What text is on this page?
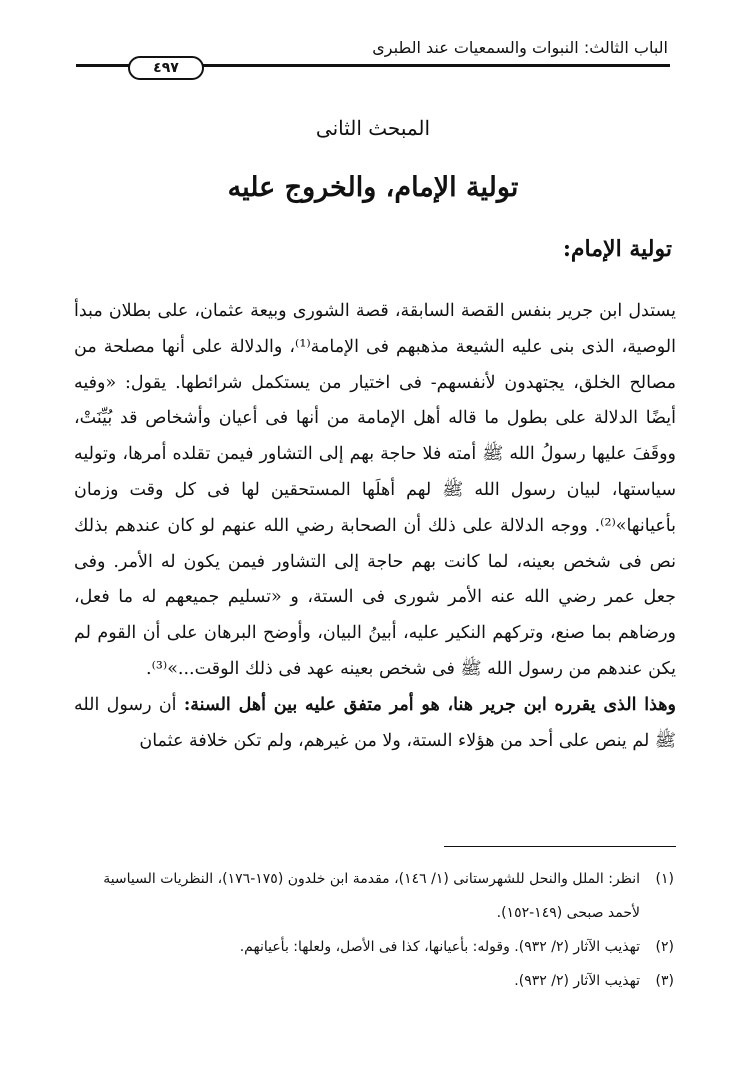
الباب الثالث: النبوات والسمعيات عند الطبرى
٤٩٧
المبحث الثانى
تولية الإمام، والخروج عليه
تولية الإمام:

يستدل ابن جرير بنفس القصة السابقة، قصة الشورى وبيعة عثمان، على بطلان مبدأ الوصية، الذى بنى عليه الشيعة مذهبهم فى الإمامة⁽¹⁾، والدلالة على أنها مصلحة من مصالح الخلق، يجتهدون لأنفسهم- فى اختيار من يستكمل شرائطها. يقول: «وفيه أيضًا الدلالة على بطول ما قاله أهل الإمامة من أنها فى أعيان وأشخاص قد بُيِّنَتْ، ووقَفَ عليها رسولُ الله ﷺ أمته فلا حاجة بهم إلى التشاور فيمن تقلده أمرها، وتوليه سياستها، لبيان رسول الله ﷺ لهم أهلَها المستحقين لها فى كل وقت وزمان بأعيانها»⁽²⁾. ووجه الدلالة على ذلك أن الصحابة رضي الله عنهم لو كان عندهم بذلك نص فى شخص بعينه، لما كانت بهم حاجة إلى التشاور فيمن يكون له الأمر. وفى جعل عمر رضي الله عنه الأمر شورى فى الستة، و «تسليم جميعهم له ما فعل، ورضاهم بما صنع، وتركهم النكير عليه، أبينُ البيان، وأوضح البرهان على أن القوم لم يكن عندهم من رسول الله ﷺ فى شخص بعينه عهد فى ذلك الوقت...»⁽³⁾.

وهذا الذى يقرره ابن جرير هنا، هو أمر متفق عليه بين أهل السنة: أن رسول الله ﷺ لم ينص على أحد من هؤلاء الستة، ولا من غيرهم، ولم تكن خلافة عثمان

(١)
انظر: الملل والنحل للشهرستانى (١/ ١٤٦)، مقدمة ابن خلدون (١٧٥-١٧٦)، النظريات السياسية لأحمد صبحى (١٤٩-١٥٢).
(٢)
تهذيب الآثار (٢/ ٩٣٢). وقوله: بأعيانها، كذا فى الأصل، ولعلها: بأعيانهم.
(٣)
تهذيب الآثار (٢/ ٩٣٢).
